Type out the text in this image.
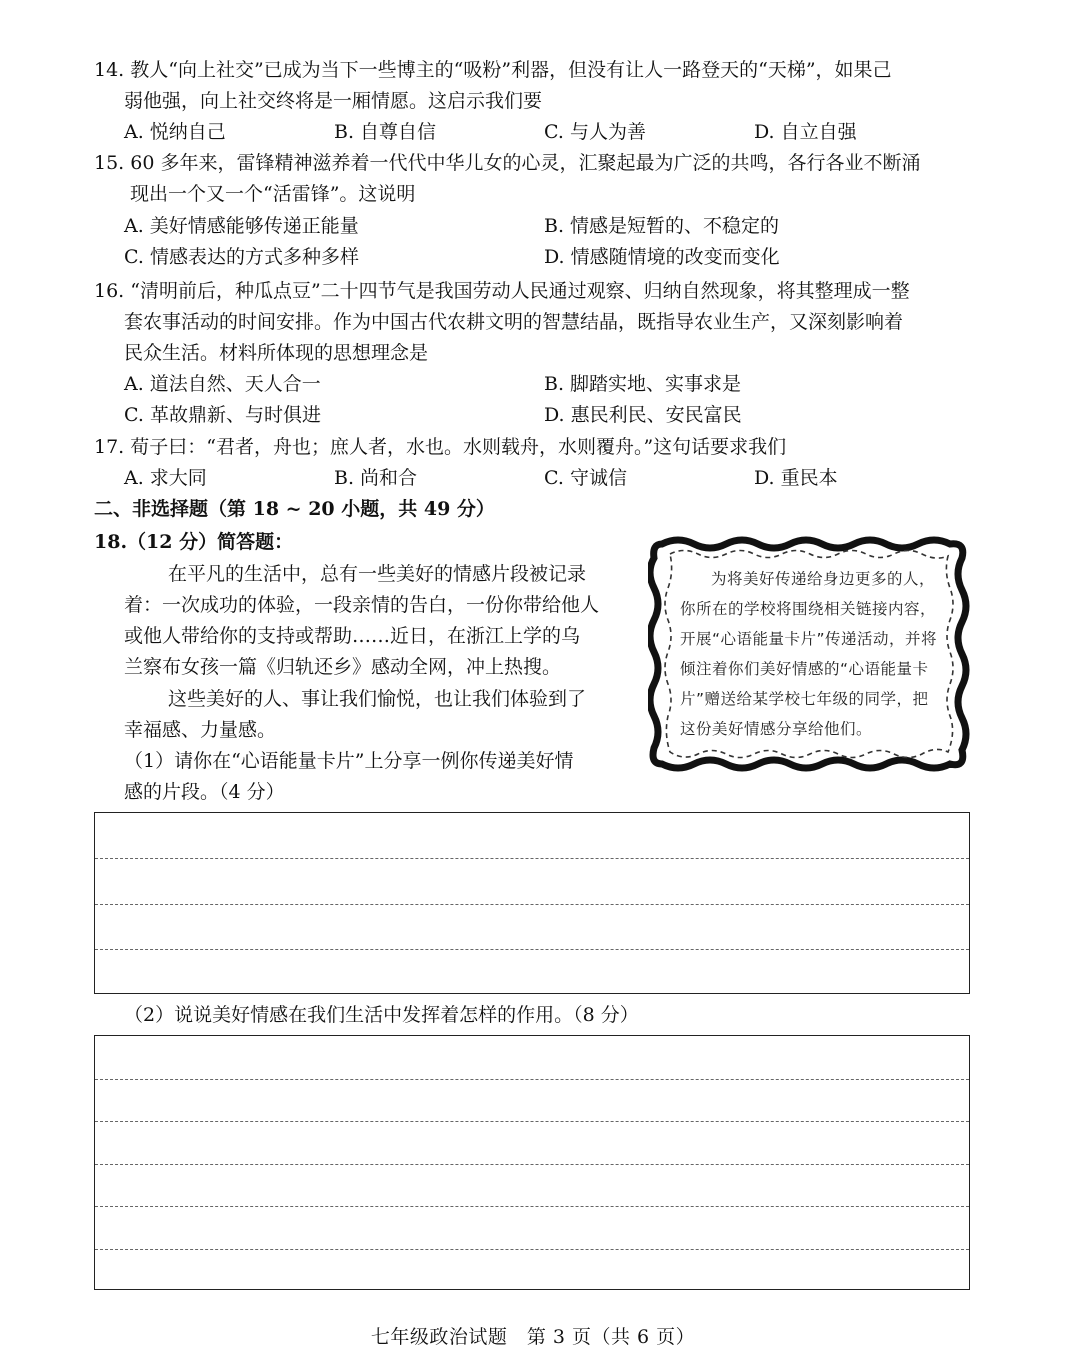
14. 教人“向上社交”已成为当下一些博主的“吸粉”利器，但没有让人一路登天的“天梯”，如果己
弱他强，向上社交终将是一厢情愿。这启示我们要
A. 悦纳自己	B. 自尊自信	C. 与人为善	D. 自立自强
15. 60 多年来，雷锋精神滋养着一代代中华儿女的心灵，汇聚起最为广泛的共鸣，各行各业不断涌
现出一个又一个“活雷锋”。这说明
A. 美好情感能够传递正能量	B. 情感是短暂的、不稳定的
C. 情感表达的方式多种多样	D. 情感随情境的改变而变化
16. “清明前后，种瓜点豆”二十四节气是我国劳动人民通过观察、归纳自然现象，将其整理成一整
套农事活动的时间安排。作为中国古代农耕文明的智慧结晶，既指导农业生产，又深刻影响着
民众生活。材料所体现的思想理念是
A. 道法自然、天人合一	B. 脚踏实地、实事求是
C. 革故鼎新、与时俱进	D. 惠民利民、安民富民
17. 荀子曰：“君者，舟也；庶人者，水也。水则载舟，水则覆舟。”这句话要求我们
A. 求大同	B. 尚和合	C. 守诚信	D. 重民本
二、非选择题（第 18 ~ 20 小题，共 49 分）
18.（12 分）简答题：
在平凡的生活中，总有一些美好的情感片段被记录
着：一次成功的体验，一段亲情的告白，一份你带给他人
或他人带给你的支持或帮助……近日，在浙江上学的乌
兰察布女孩一篇《归轨还乡》感动全网，冲上热搜。
这些美好的人、事让我们愉悦，也让我们体验到了
幸福感、力量感。
（1）请你在“心语能量卡片”上分享一例你传递美好情
感的片段。（4 分）
为将美好传递给身边更多的人，你所在的学校将围绕相关链接内容，开展“心语能量卡片”传递活动，并将倾注着你们美好情感的“心语能量卡片”赠送给某学校七年级的同学，把这份美好情感分享给他们。
（2）说说美好情感在我们生活中发挥着怎样的作用。（8 分）
七年级政治试题　第 3 页（共 6 页）
